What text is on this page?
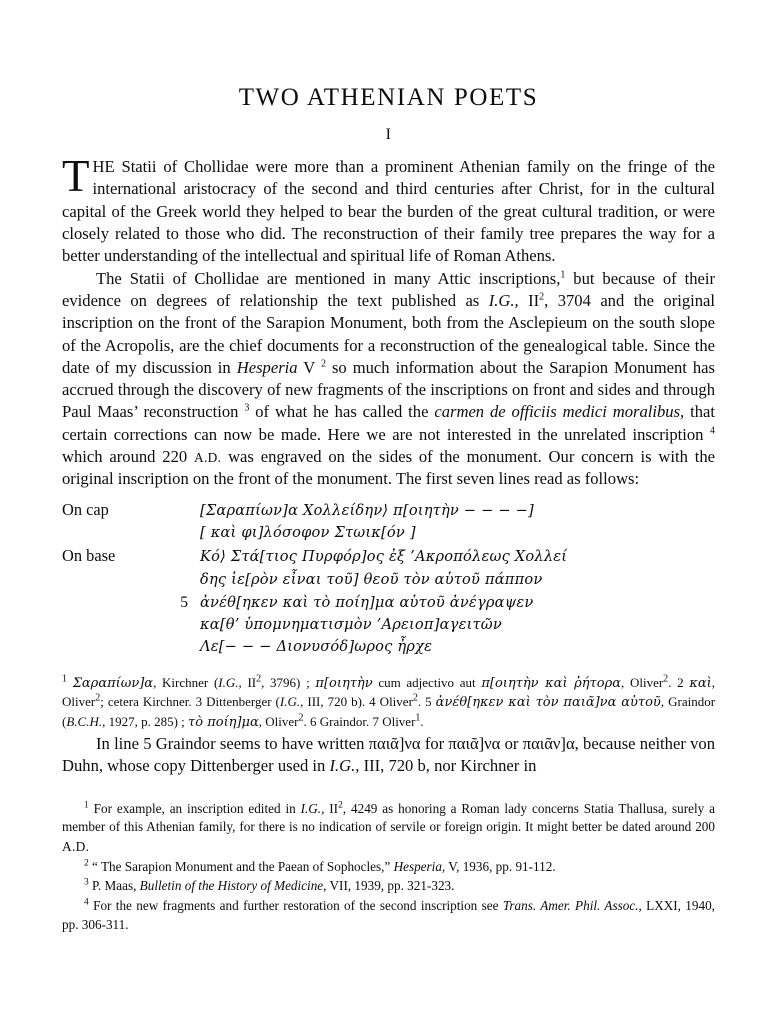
TWO ATHENIAN POETS
I

THE Statii of Chollidae were more than a prominent Athenian family on the fringe of the international aristocracy of the second and third centuries after Christ, for in the cultural capital of the Greek world they helped to bear the burden of the great cultural tradition, or were closely related to those who did. The reconstruction of their family tree prepares the way for a better understanding of the intellectual and spiritual life of Roman Athens.

The Statii of Chollidae are mentioned in many Attic inscriptions,$^1$ but because of their evidence on degrees of relationship the text published as I.G., $II^2$, 3704 and the original inscription on the front of the Sarapion Monument, both from the Asclepieum on the south slope of the Acropolis, are the chief documents for a reconstruction of the genealogical table. Since the date of my discussion in Hesperia V $^2$ so much information about the Sarapion Monument has accrued through the discovery of new fragments of the inscriptions on front and sides and through Paul Maas’ reconstruction $^3$ of what he has called the carmen de officiis medici moralibus, that certain corrections can now be made. Here we are not interested in the unrelated inscription $^4$ which around 220 A.D. was engraved on the sides of the monument. Our concern is with the original inscription on the front of the monument. The first seven lines read as follows:

On cap	[Σαραπίων]α Χολλείδην⟩ π[οιητὴν − − − −]
[ καὶ φι]λόσοφον Στωικ[όν ]
On base	Κό⟩ Στά[τιος Πυρφόρ]ος ἐξ ’Ακροπόλεως Χολλεί
δης ἱε[ρὸν εἶναι τοῦ] θεοῦ τὸν αὑτοῦ πάππον
5 ἀνέθ[ηκεν καὶ τὸ ποίη]μα αὑτοῦ ἀνέγραψεν
κα[θ’ ὑπομνηματισμὸν ’Αρειοπ]αγειτῶν
Λε[− − − Διονυσόδ]ωρος ἦρχε

$^1$ Σαραπίων]α, Kirchner (I.G., $II^2$, 3796) ; π[οιητὴν cum adjectivo aut π[οιητὴν καὶ ῥήτορα, Oliver$^2$. 2 καὶ, Oliver$^2$; cetera Kirchner. 3 Dittenberger (I.G., III, 720 b). 4 Oliver$^2$. 5 ἀνέθ[ηκεν καὶ τὸν παιᾶ]να αὑτοῦ, Graindor (B.C.H., 1927, p. 285) ; τὸ ποίη]μα, Oliver$^2$. 6 Graindor. 7 Oliver$^1$.

In line 5 Graindor seems to have written παιᾶ]να for παιᾶ]να or παιᾶν]α, because neither von Duhn, whose copy Dittenberger used in I.G., III, 720 b, nor Kirchner in

$^1$ For example, an inscription edited in I.G., $II^2$, 4249 as honoring a Roman lady concerns Statia Thallusa, surely a member of this Athenian family, for there is no indication of servile or foreign origin. It might better be dated around 200 A.D.

$^2$ “ The Sarapion Monument and the Paean of Sophocles,” Hesperia, V, 1936, pp. 91-112.

$^3$ P. Maas, Bulletin of the History of Medicine, VII, 1939, pp. 321-323.

$^4$ For the new fragments and further restoration of the second inscription see Trans. Amer. Phil. Assoc., LXXI, 1940, pp. 306-311.
